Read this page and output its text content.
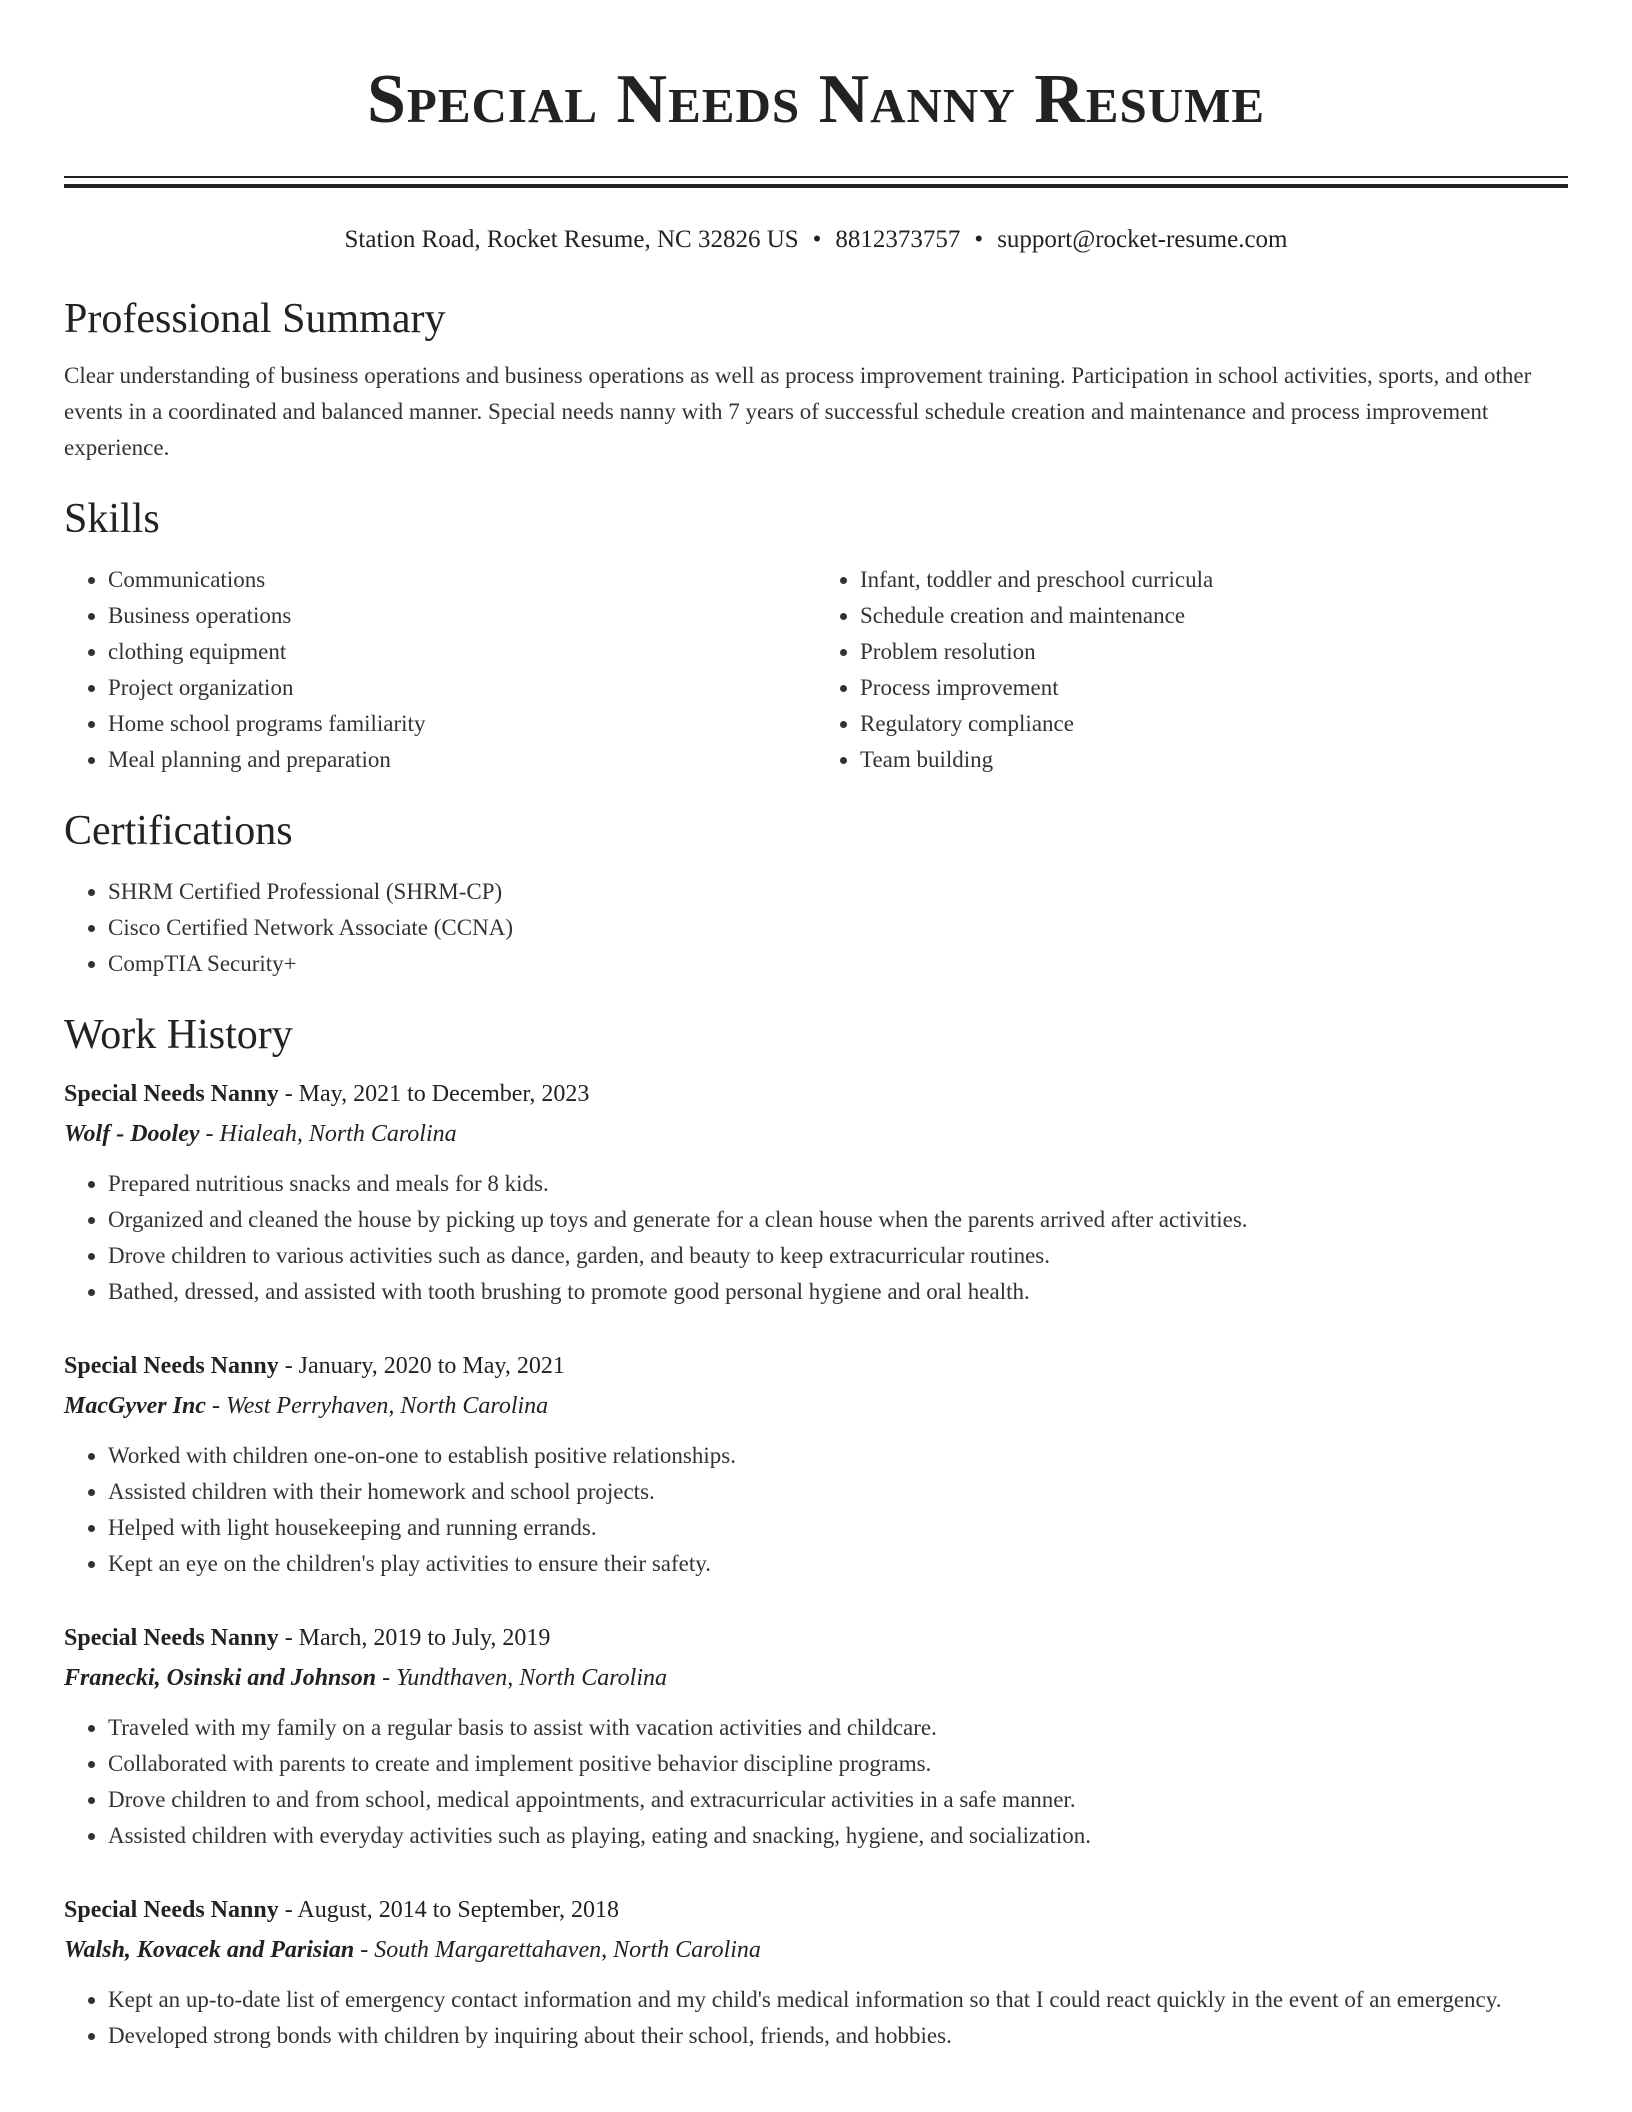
Special Needs Nanny Resume
Station Road, Rocket Resume, NC 32826 US • 8812373757 • support@rocket-resume.com
Professional Summary
Clear understanding of business operations and business operations as well as process improvement training. Participation in school activities, sports, and other events in a coordinated and balanced manner. Special needs nanny with 7 years of successful schedule creation and maintenance and process improvement experience.
Skills
• Communications
• Business operations
• clothing equipment
• Project organization
• Home school programs familiarity
• Meal planning and preparation
• Infant, toddler and preschool curricula
• Schedule creation and maintenance
• Problem resolution
• Process improvement
• Regulatory compliance
• Team building
Certifications
• SHRM Certified Professional (SHRM-CP)
• Cisco Certified Network Associate (CCNA)
• CompTIA Security+
Work History
Special Needs Nanny - May, 2021 to December, 2023
Wolf - Dooley - Hialeah, North Carolina
• Prepared nutritious snacks and meals for 8 kids.
• Organized and cleaned the house by picking up toys and generate for a clean house when the parents arrived after activities.
• Drove children to various activities such as dance, garden, and beauty to keep extracurricular routines.
• Bathed, dressed, and assisted with tooth brushing to promote good personal hygiene and oral health.
Special Needs Nanny - January, 2020 to May, 2021
MacGyver Inc - West Perryhaven, North Carolina
• Worked with children one-on-one to establish positive relationships.
• Assisted children with their homework and school projects.
• Helped with light housekeeping and running errands.
• Kept an eye on the children's play activities to ensure their safety.
Special Needs Nanny - March, 2019 to July, 2019
Franecki, Osinski and Johnson - Yundthaven, North Carolina
• Traveled with my family on a regular basis to assist with vacation activities and childcare.
• Collaborated with parents to create and implement positive behavior discipline programs.
• Drove children to and from school, medical appointments, and extracurricular activities in a safe manner.
• Assisted children with everyday activities such as playing, eating and snacking, hygiene, and socialization.
Special Needs Nanny - August, 2014 to September, 2018
Walsh, Kovacek and Parisian - South Margarettahaven, North Carolina
• Kept an up-to-date list of emergency contact information and my child's medical information so that I could react quickly in the event of an emergency.
• Developed strong bonds with children by inquiring about their school, friends, and hobbies.
